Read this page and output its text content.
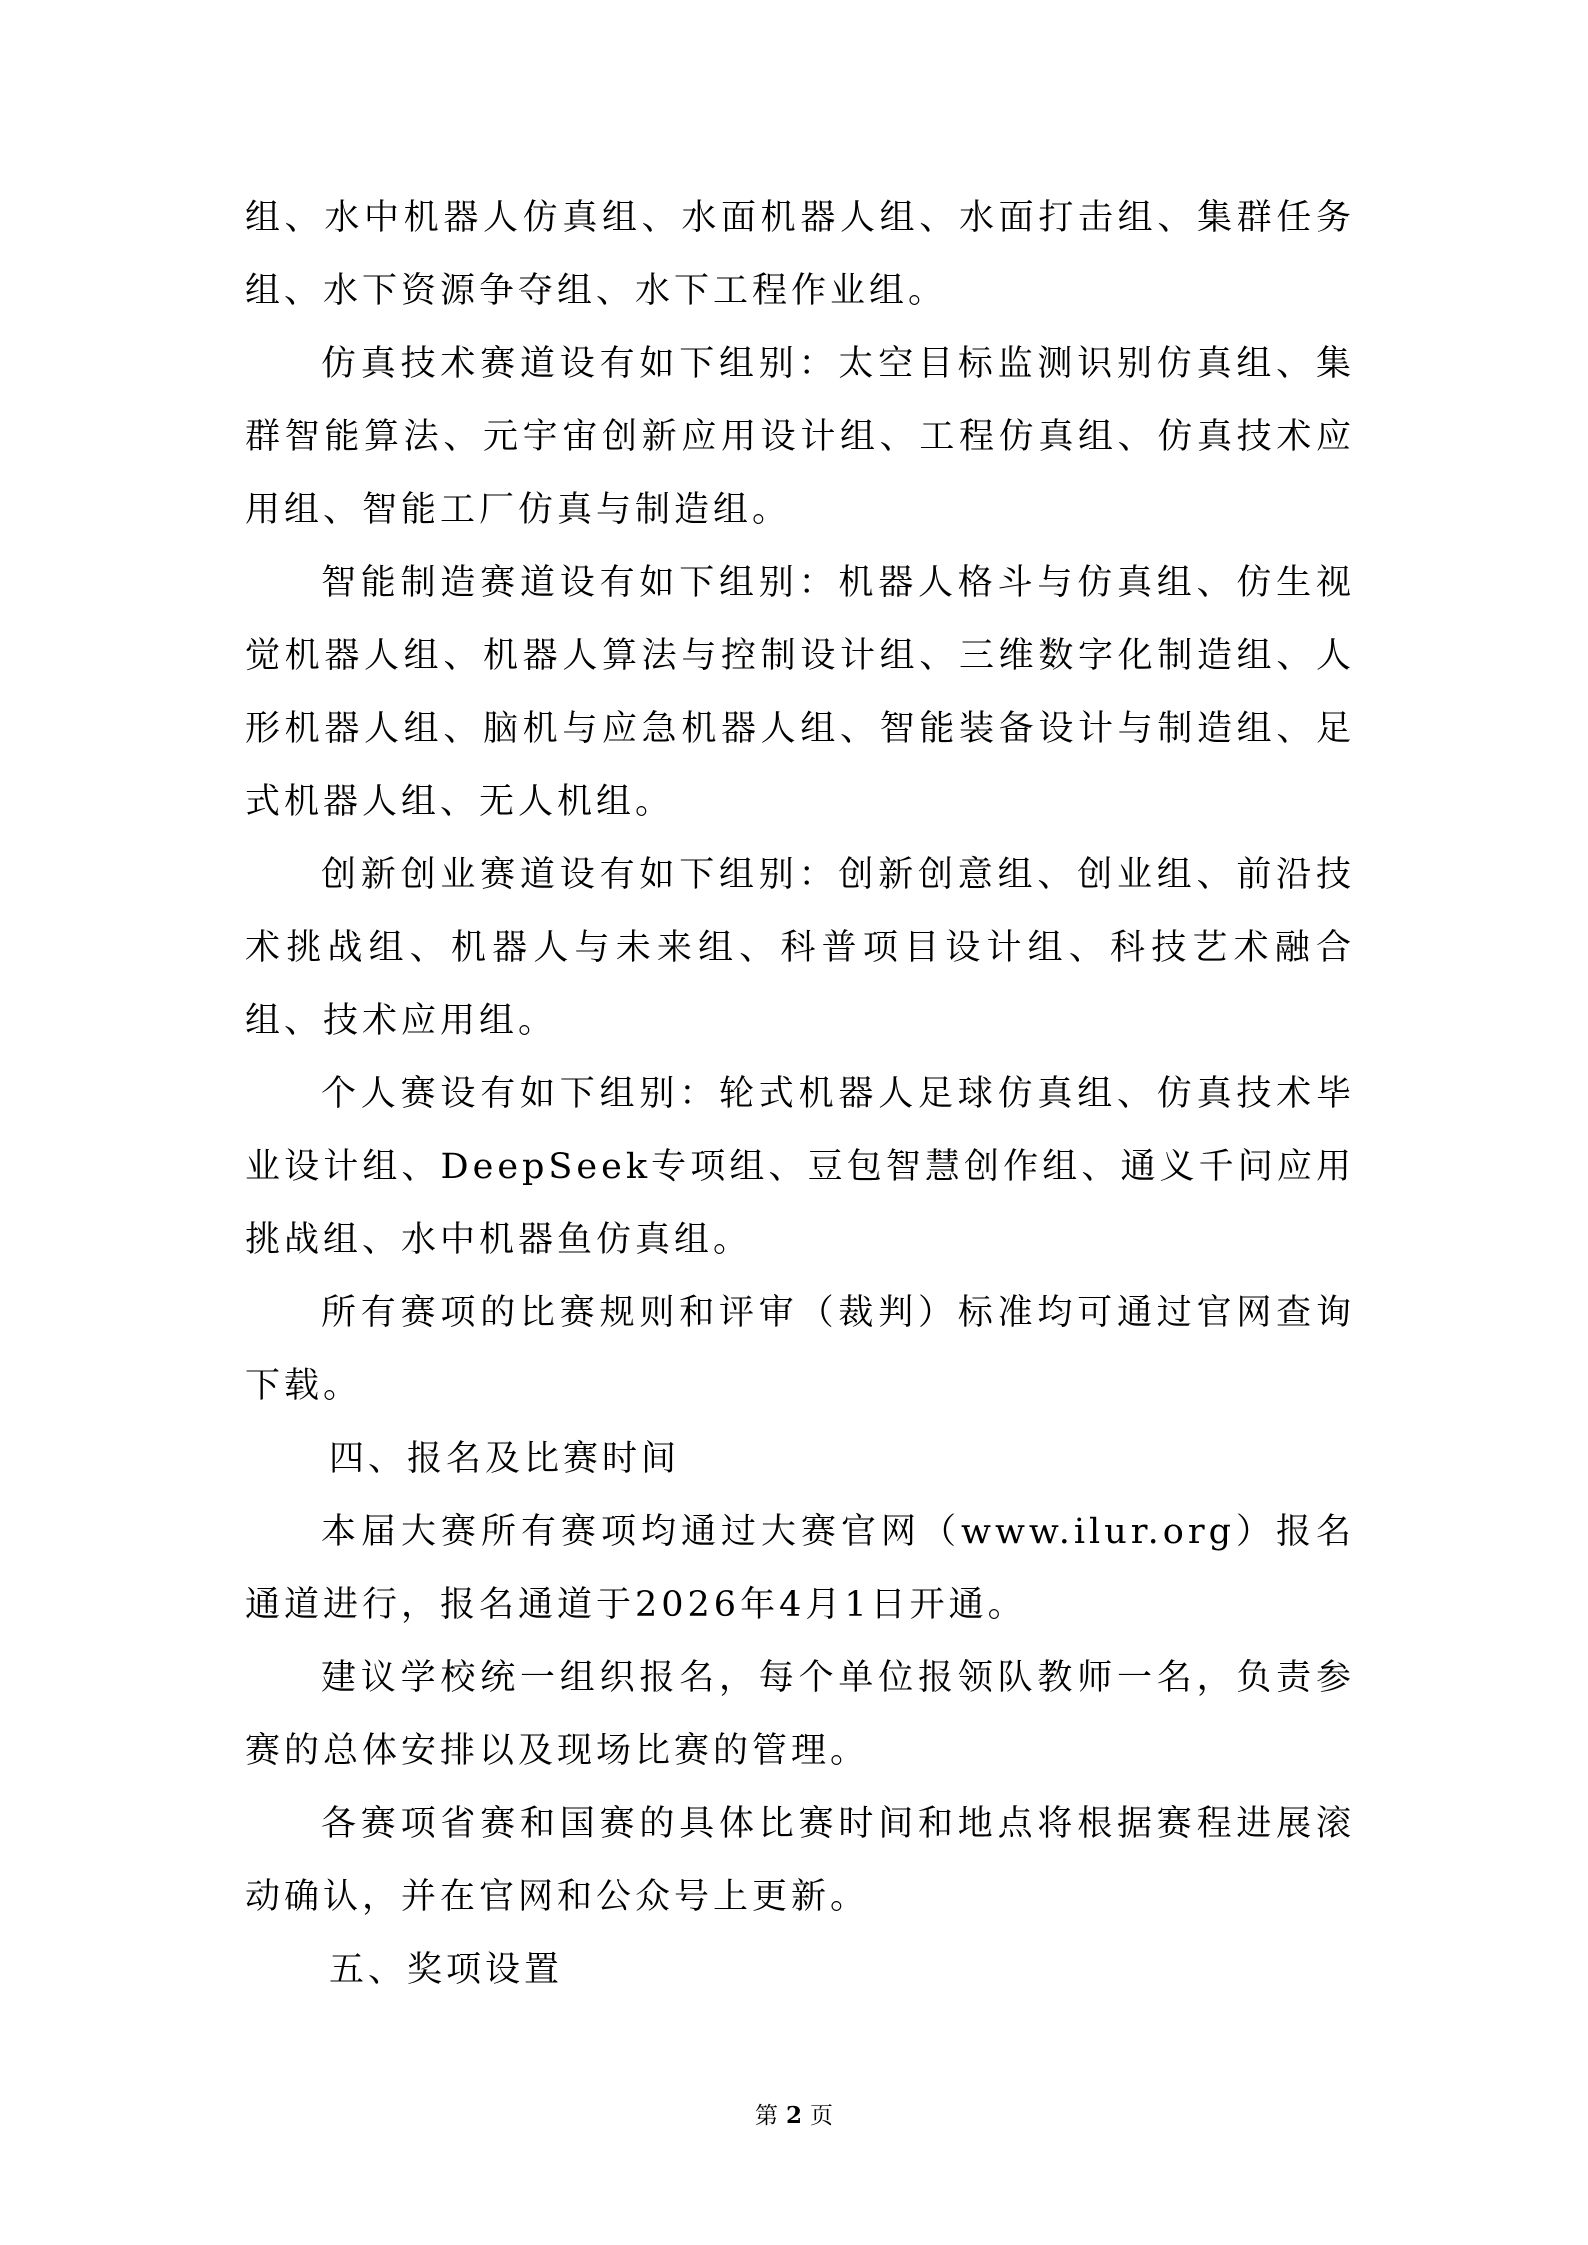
组、水中机器人仿真组、水面机器人组、水面打击组、集群任务组、水下资源争夺组、水下工程作业组。

仿真技术赛道设有如下组别：太空目标监测识别仿真组、集群智能算法、元宇宙创新应用设计组、工程仿真组、仿真技术应用组、智能工厂仿真与制造组。

智能制造赛道设有如下组别：机器人格斗与仿真组、仿生视觉机器人组、机器人算法与控制设计组、三维数字化制造组、人形机器人组、脑机与应急机器人组、智能装备设计与制造组、足式机器人组、无人机组。

创新创业赛道设有如下组别：创新创意组、创业组、前沿技术挑战组、机器人与未来组、科普项目设计组、科技艺术融合组、技术应用组。

个人赛设有如下组别：轮式机器人足球仿真组、仿真技术毕业设计组、DeepSeek专项组、豆包智慧创作组、通义千问应用挑战组、水中机器鱼仿真组。

所有赛项的比赛规则和评审（裁判）标准均可通过官网查询下载。

四、报名及比赛时间

本届大赛所有赛项均通过大赛官网（www.ilur.org）报名通道进行，报名通道于2026年4月1日开通。

建议学校统一组织报名，每个单位报领队教师一名，负责参赛的总体安排以及现场比赛的管理。

各赛项省赛和国赛的具体比赛时间和地点将根据赛程进展滚动确认，并在官网和公众号上更新。

五、奖项设置

第 2 页
